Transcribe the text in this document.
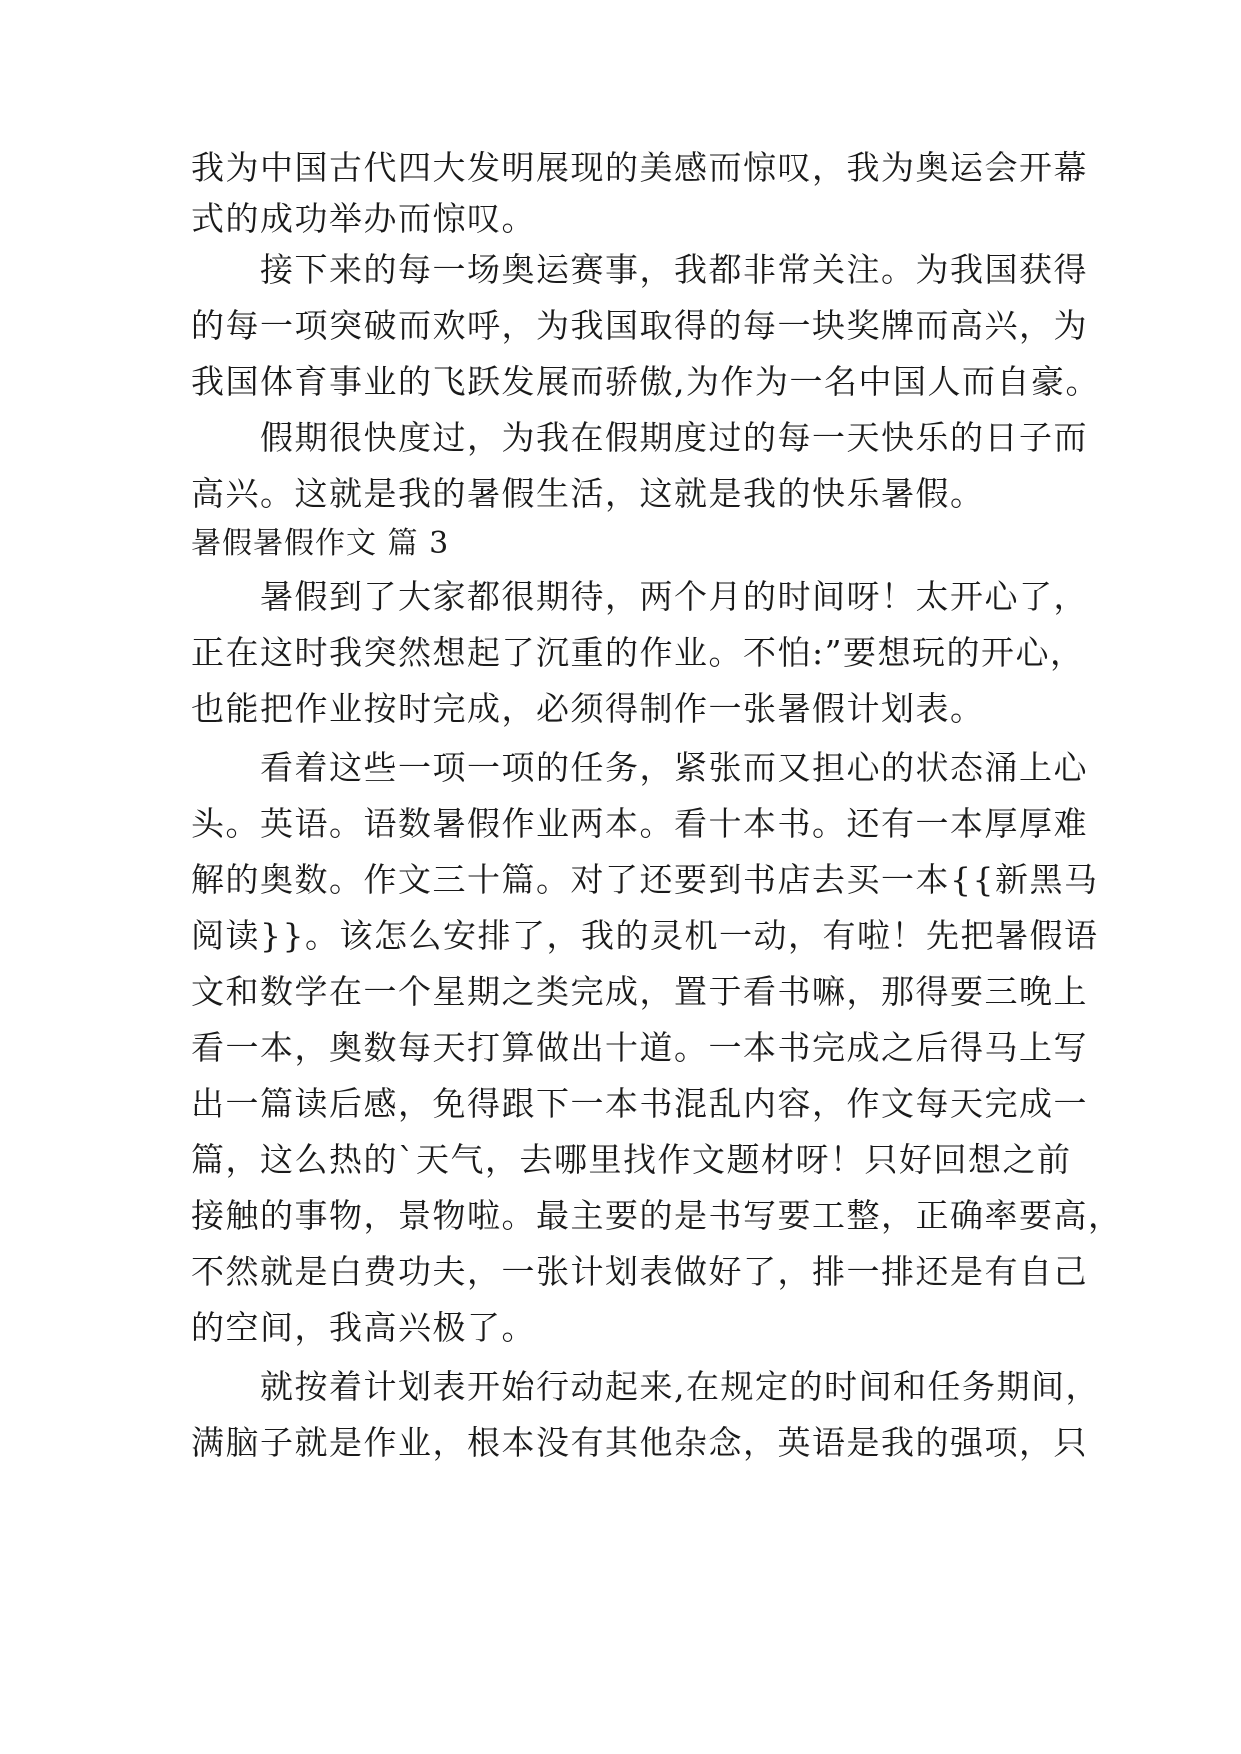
我为中国古代四大发明展现的美感而惊叹，我为奥运会开幕
式的成功举办而惊叹。
　　接下来的每一场奥运赛事，我都非常关注。为我国获得
的每一项突破而欢呼，为我国取得的每一块奖牌而高兴，为
我国体育事业的飞跃发展而骄傲,为作为一名中国人而自豪。
　　假期很快度过，为我在假期度过的每一天快乐的日子而
高兴。这就是我的暑假生活，这就是我的快乐暑假。
暑假暑假作文 篇 3
　　暑假到了大家都很期待，两个月的时间呀！太开心了，
正在这时我突然想起了沉重的作业。不怕:”要想玩的开心，
也能把作业按时完成，必须得制作一张暑假计划表。
　　看着这些一项一项的任务，紧张而又担心的状态涌上心
头。英语。语数暑假作业两本。看十本书。还有一本厚厚难
解的奥数。作文三十篇。对了还要到书店去买一本{{新黑马
阅读}}。该怎么安排了，我的灵机一动，有啦！先把暑假语
文和数学在一个星期之类完成，置于看书嘛，那得要三晚上
看一本，奥数每天打算做出十道。一本书完成之后得马上写
出一篇读后感，免得跟下一本书混乱内容，作文每天完成一
篇，这么热的`天气，去哪里找作文题材呀！只好回想之前
接触的事物，景物啦。最主要的是书写要工整，正确率要高，
不然就是白费功夫，一张计划表做好了，排一排还是有自己
的空间，我高兴极了。
　　就按着计划表开始行动起来,在规定的时间和任务期间，
满脑子就是作业，根本没有其他杂念，英语是我的强项，只
